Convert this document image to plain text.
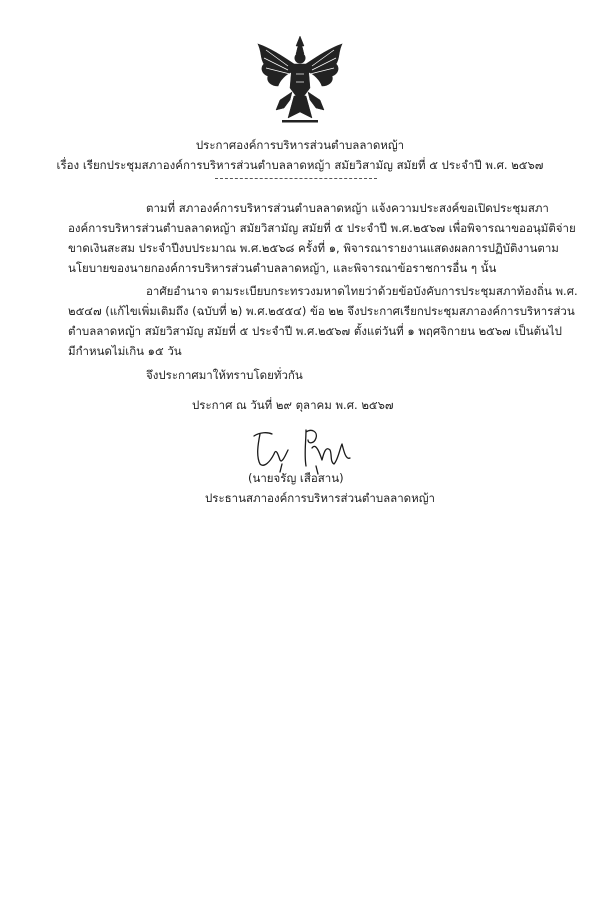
ประกาศองค์การบริหารส่วนตำบลลาดหญ้า
เรื่อง เรียกประชุมสภาองค์การบริหารส่วนตำบลลาดหญ้า สมัยวิสามัญ สมัยที่ ๕ ประจำปี พ.ศ. ๒๕๖๗
ตามที่ สภาองค์การบริหารส่วนตำบลลาดหญ้า แจ้งความประสงค์ขอเปิดประชุมสภา
องค์การบริหารส่วนตำบลลาดหญ้า สมัยวิสามัญ สมัยที่ ๕ ประจำปี พ.ศ.๒๕๖๗ เพื่อพิจารณาขออนุมัติจ่าย
ขาดเงินสะสม ประจำปีงบประมาณ พ.ศ.๒๕๖๘ ครั้งที่ ๑, พิจารณารายงานแสดงผลการปฏิบัติงานตาม
นโยบายของนายกองค์การบริหารส่วนตำบลลาดหญ้า, และพิจารณาข้อราชการอื่น ๆ นั้น
อาศัยอำนาจ ตามระเบียบกระทรวงมหาดไทยว่าด้วยข้อบังคับการประชุมสภาท้องถิ่น พ.ศ.
๒๕๔๗ (แก้ไขเพิ่มเติมถึง (ฉบับที่ ๒) พ.ศ.๒๕๕๔) ข้อ ๒๒ จึงประกาศเรียกประชุมสภาองค์การบริหารส่วน
ตำบลลาดหญ้า สมัยวิสามัญ สมัยที่ ๕ ประจำปี พ.ศ.๒๕๖๗ ตั้งแต่วันที่ ๑ พฤศจิกายน ๒๕๖๗ เป็นต้นไป
มีกำหนดไม่เกิน ๑๕ วัน
จึงประกาศมาให้ทราบโดยทั่วกัน
ประกาศ ณ วันที่ ๒๙ ตุลาคม พ.ศ. ๒๕๖๗
(นายจรัญ เสือสาน)
ประธานสภาองค์การบริหารส่วนตำบลลาดหญ้า
